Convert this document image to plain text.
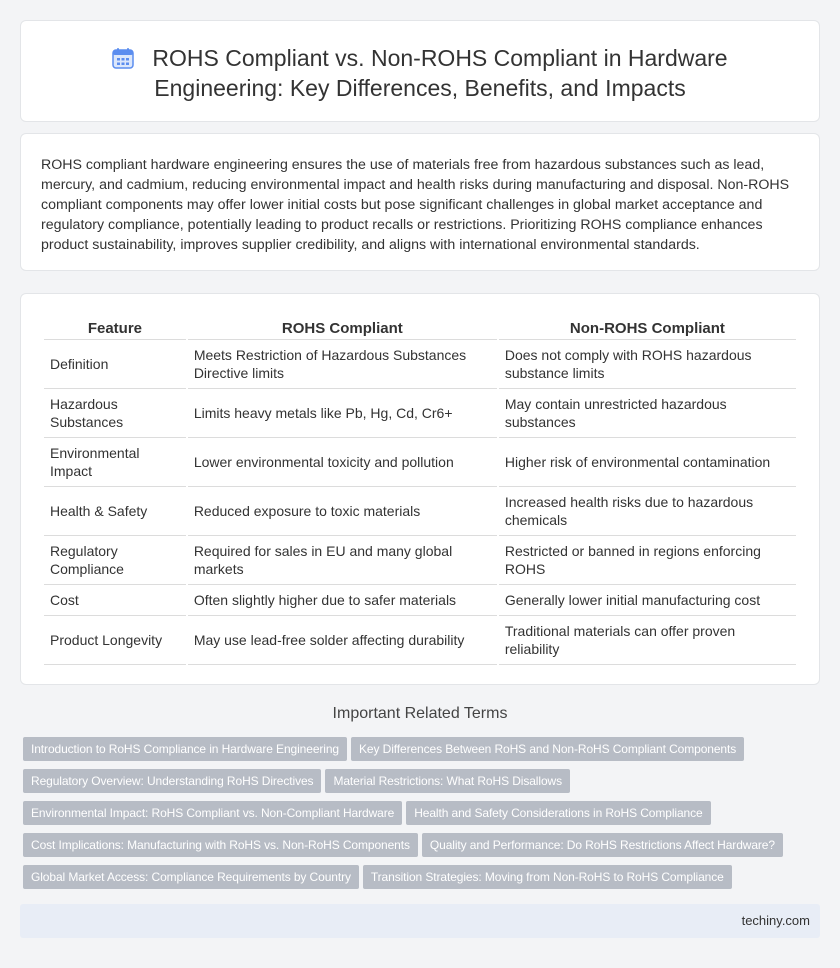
ROHS Compliant vs. Non-ROHS Compliant in Hardware
Engineering: Key Differences, Benefits, and Impacts

ROHS compliant hardware engineering ensures the use of materials free from hazardous substances such as lead, mercury, and cadmium, reducing environmental impact and health risks during manufacturing and disposal. Non-ROHS compliant components may offer lower initial costs but pose significant challenges in global market acceptance and regulatory compliance, potentially leading to product recalls or restrictions. Prioritizing ROHS compliance enhances product sustainability, improves supplier credibility, and aligns with international environmental standards.

Feature	ROHS Compliant	Non-ROHS Compliant
Definition	Meets Restriction of Hazardous Substances Directive limits	Does not comply with ROHS hazardous substance limits
Hazardous Substances	Limits heavy metals like Pb, Hg, Cd, Cr6+	May contain unrestricted hazardous substances
Environmental Impact	Lower environmental toxicity and pollution	Higher risk of environmental contamination
Health & Safety	Reduced exposure to toxic materials	Increased health risks due to hazardous chemicals
Regulatory Compliance	Required for sales in EU and many global markets	Restricted or banned in regions enforcing ROHS
Cost	Often slightly higher due to safer materials	Generally lower initial manufacturing cost
Product Longevity	May use lead-free solder affecting durability	Traditional materials can offer proven reliability
Important Related Terms
Introduction to RoHS Compliance in Hardware Engineering Key Differences Between RoHS and Non-RoHS Compliant Components
Regulatory Overview: Understanding RoHS Directives Material Restrictions: What RoHS Disallows
Environmental Impact: RoHS Compliant vs. Non-Compliant Hardware Health and Safety Considerations in RoHS Compliance
Cost Implications: Manufacturing with RoHS vs. Non-RoHS Components Quality and Performance: Do RoHS Restrictions Affect Hardware?
Global Market Access: Compliance Requirements by Country Transition Strategies: Moving from Non-RoHS to RoHS Compliance
techiny.com
